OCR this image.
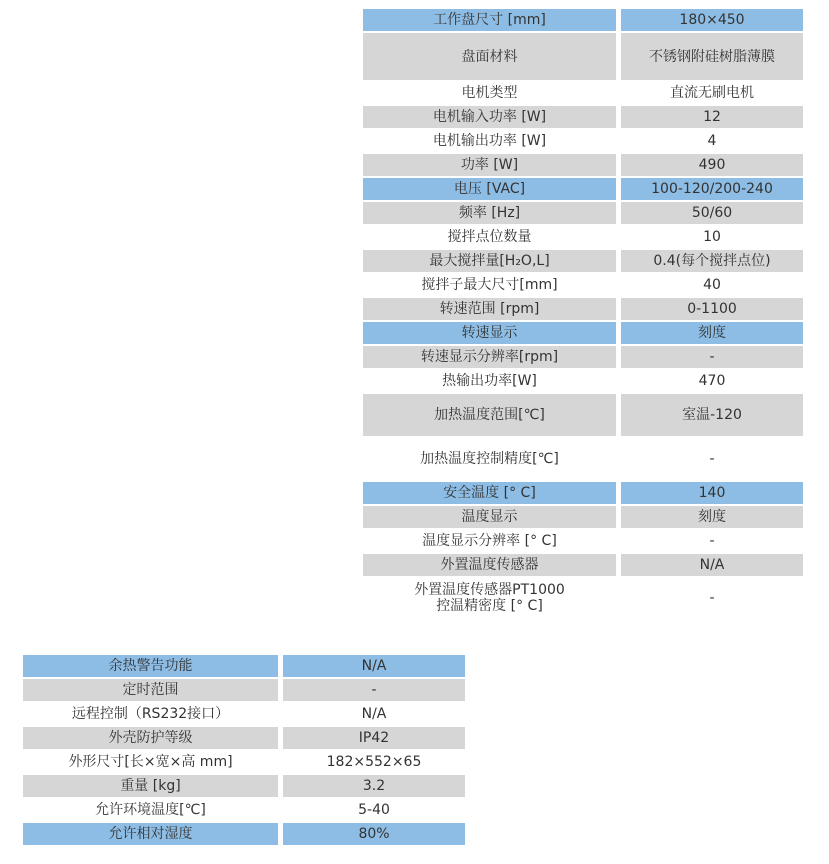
工作盘尺寸 [mm]		180×450
盘面材料		不锈钢附硅树脂薄膜
电机类型		直流无刷电机
电机输入功率 [W]		12
电机输出功率 [W]		4
功率 [W]		490
电压 [VAC]		100-120/200-240
频率 [Hz]		50/60
搅拌点位数量		10
最大搅拌量[H₂O,L]		0.4(每个搅拌点位)
搅拌子最大尺寸[mm]		40
转速范围 [rpm]		0-1100
转速显示		刻度
转速显示分辨率[rpm]		-
热输出功率[W]		470
加热温度范围[℃]		室温-120
加热温度控制精度[℃]		-
安全温度 [° C]		140
温度显示		刻度
温度显示分辨率 [° C]		-
外置温度传感器		N/A

外置温度传感器PT1000
控温精密度 [° C]		-
余热警告功能		N/A
定时范围		-
远程控制（RS232接口）		N/A
外壳防护等级		IP42
外形尺寸[长×宽×高 mm]		182×552×65
重量 [kg]		3.2
允许环境温度[℃]		5-40
允许相对湿度		80%
